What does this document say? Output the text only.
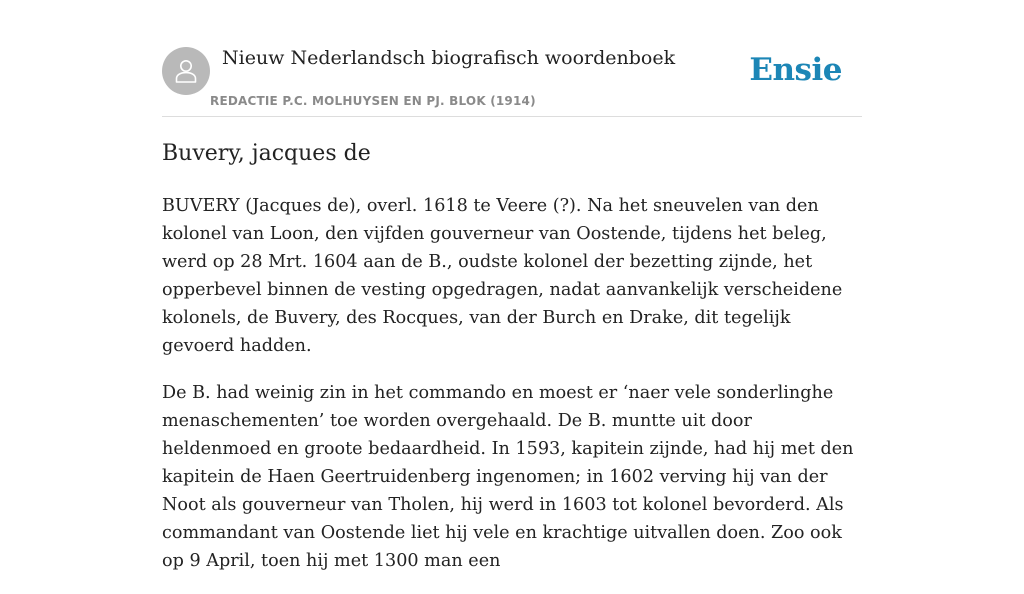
Nieuw Nederlandsch biografisch woordenboek
REDACTIE P.C. MOLHUYSEN EN PJ. BLOK (1914)
Ensie
Buvery, jacques de

BUVERY (Jacques de), overl. 1618 te Veere (?). Na het sneuvelen van den kolonel van Loon, den vijfden gouverneur van Oostende, tijdens het beleg, werd op 28 Mrt. 1604 aan de B., oudste kolonel der bezetting zijnde, het opperbevel binnen de vesting opgedragen, nadat aanvankelijk verscheidene kolonels, de Buvery, des Rocques, van der Burch en Drake, dit tegelijk gevoerd hadden.

De B. had weinig zin in het commando en moest er ‘naer vele sonderlinghe menaschementen’ toe worden overgehaald. De B. muntte uit door heldenmoed en groote bedaardheid. In 1593, kapitein zijnde, had hij met den kapitein de Haen Geertruidenberg ingenomen; in 1602 verving hij van der Noot als gouverneur van Tholen, hij werd in 1603 tot kolonel bevorderd. Als commandant van Oostende liet hij vele en krachtige uitvallen doen. Zoo ook op 9 April, toen hij met 1300 man een
